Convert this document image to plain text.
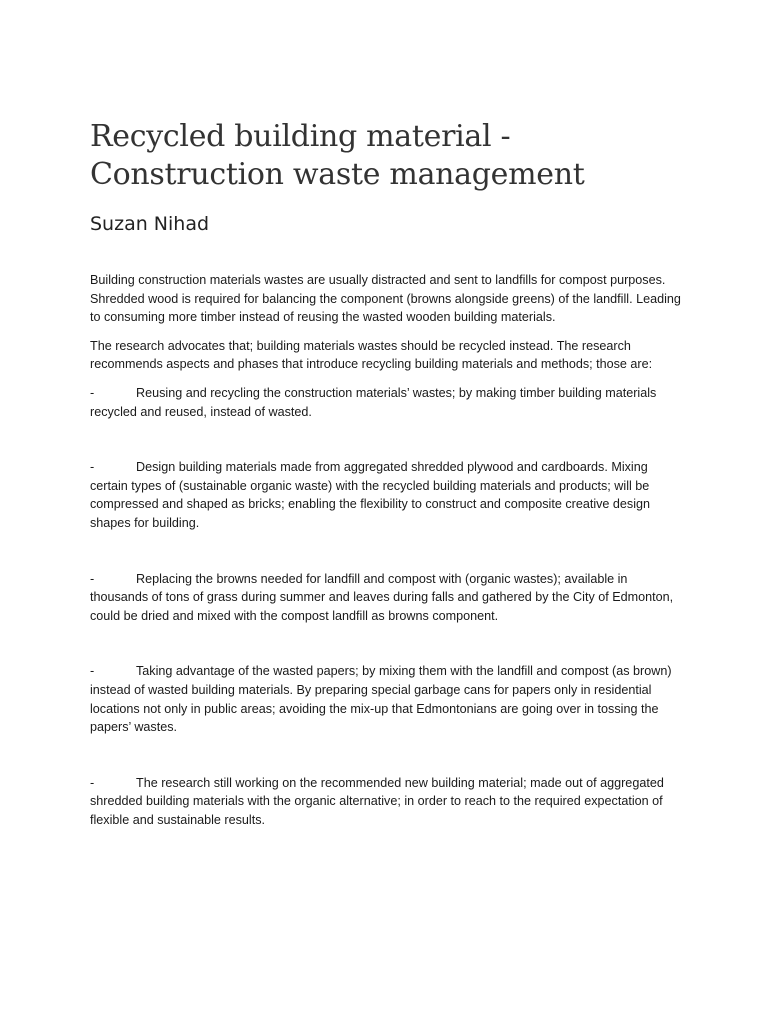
Recycled building material -
Construction waste management
Suzan Nihad

Building construction materials wastes are usually distracted and sent to landfills for compost purposes. Shredded wood is required for balancing the component (browns alongside greens) of the landfill. Leading to consuming more timber instead of reusing the wasted wooden building materials.

The research advocates that; building materials wastes should be recycled instead. The research recommends aspects and phases that introduce recycling building materials and methods; those are:

-	Reusing and recycling the construction materials’ wastes; by making timber building materials recycled and reused, instead of wasted.

-	Design building materials made from aggregated shredded plywood and cardboards. Mixing certain types of (sustainable organic waste) with the recycled building materials and products; will be compressed and shaped as bricks; enabling the flexibility to construct and composite creative design shapes for building.

-	Replacing the browns needed for landfill and compost with (organic wastes); available in thousands of tons of grass during summer and leaves during falls and gathered by the City of Edmonton, could be dried and mixed with the compost landfill as browns component.

-	Taking advantage of the wasted papers; by mixing them with the landfill and compost (as brown) instead of wasted building materials. By preparing special garbage cans for papers only in residential locations not only in public areas; avoiding the mix-up that Edmontonians are going over in tossing the papers’ wastes.

-	The research still working on the recommended new building material; made out of aggregated shredded building materials with the organic alternative; in order to reach to the required expectation of flexible and sustainable results.
